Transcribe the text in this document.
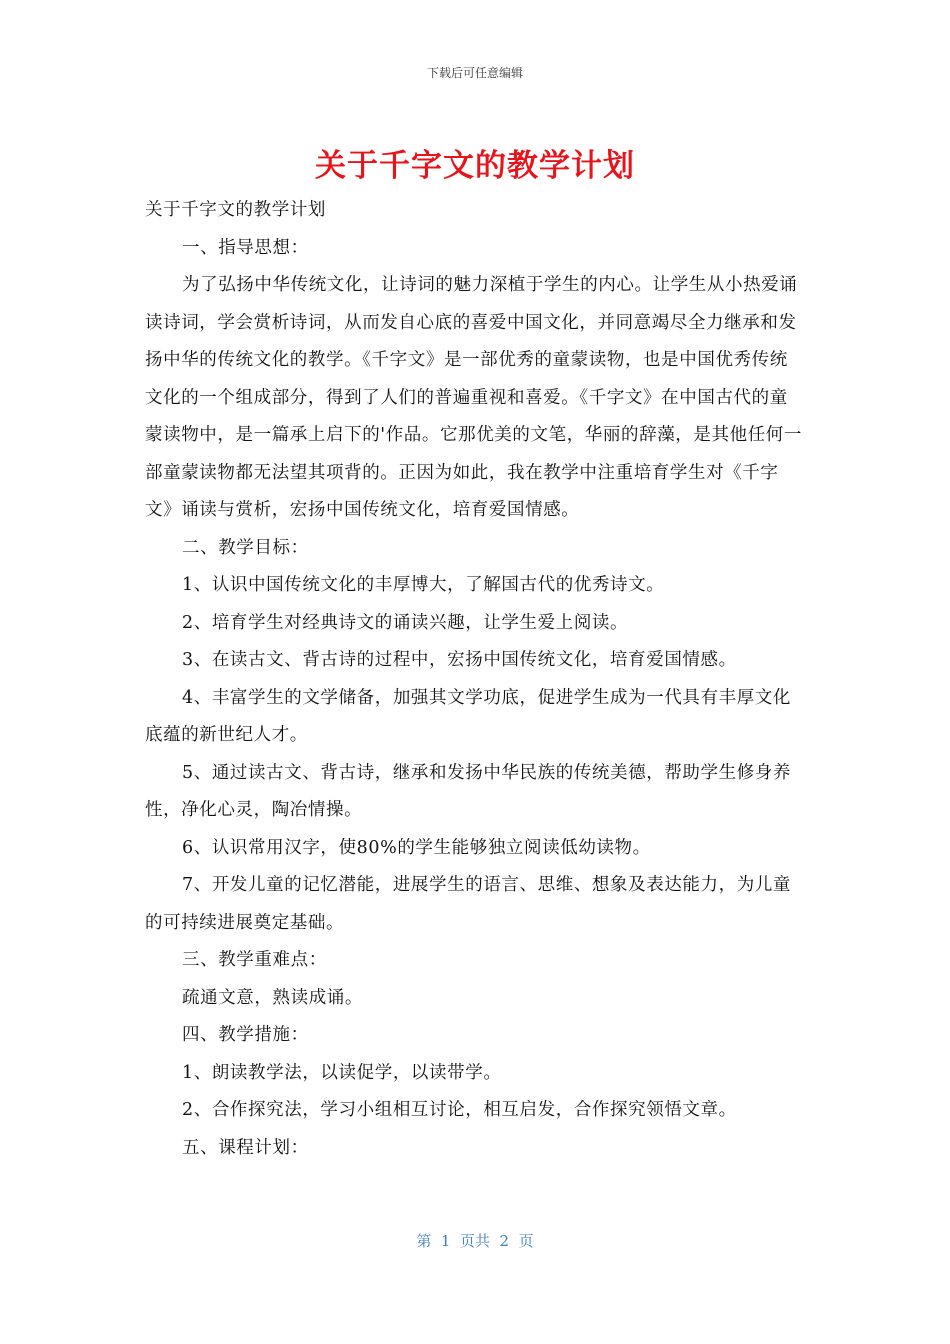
下载后可任意编辑
关于千字文的教学计划

关于千字文的教学计划

一、指导思想：

为了弘扬中华传统文化，让诗词的魅力深植于学生的内心。让学生从小热爱诵读诗词，学会赏析诗词，从而发自心底的喜爱中国文化，并同意竭尽全力继承和发扬中华的传统文化的教学。《千字文》是一部优秀的童蒙读物，也是中国优秀传统文化的一个组成部分，得到了人们的普遍重视和喜爱。《千字文》在中国古代的童蒙读物中，是一篇承上启下的'作品。它那优美的文笔，华丽的辞藻，是其他任何一部童蒙读物都无法望其项背的。正因为如此，我在教学中注重培育学生对《千字文》诵读与赏析，宏扬中国传统文化，培育爱国情感。

二、教学目标：

1、认识中国传统文化的丰厚博大，了解国古代的优秀诗文。

2、培育学生对经典诗文的诵读兴趣，让学生爱上阅读。

3、在读古文、背古诗的过程中，宏扬中国传统文化，培育爱国情感。

4、丰富学生的文学储备，加强其文学功底，促进学生成为一代具有丰厚文化底蕴的新世纪人才。

5、通过读古文、背古诗，继承和发扬中华民族的传统美德，帮助学生修身养性，净化心灵，陶冶情操。

6、认识常用汉字，使80%的学生能够独立阅读低幼读物。

7、开发儿童的记忆潜能，进展学生的语言、思维、想象及表达能力，为儿童的可持续进展奠定基础。

三、教学重难点：

疏通文意，熟读成诵。

四、教学措施：

1、朗读教学法，以读促学，以读带学。

2、合作探究法，学习小组相互讨论，相互启发，合作探究领悟文章。

五、课程计划：

第  1  页共  2  页
